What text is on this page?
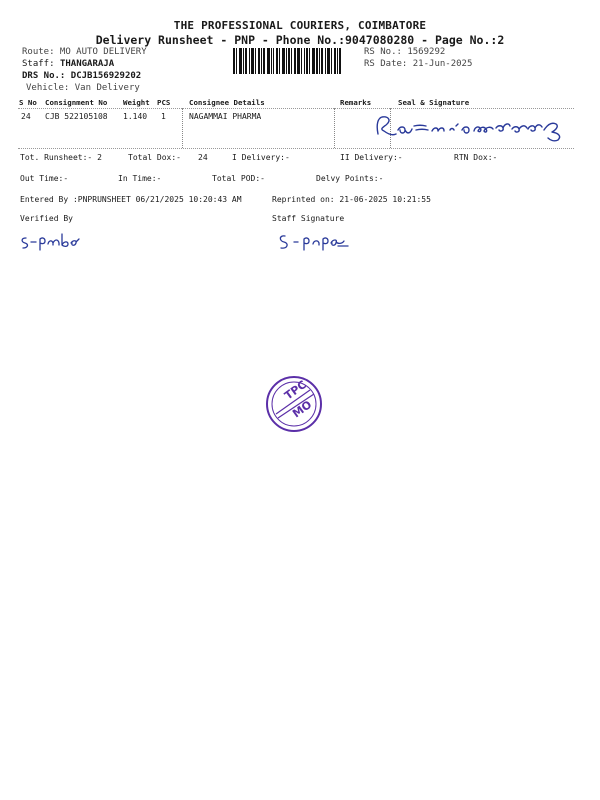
THE PROFESSIONAL COURIERS, COIMBATORE
Delivery Runsheet - PNP - Phone No.:9047080280 - Page No.:2
Route: MO AUTO DELIVERY
Staff: THANGARAJA
DRS No.: DCJB156929202
Vehicle: Van Delivery
RS No.: 1569292
RS Date: 21-Jun-2025
S No Consignment No Weight PCS	Consignee Details	Remarks	Seal & Signature
24 CJB 522105108 1.140 1	NAGAMMAI PHARMA
Tot. Runsheet:- 2	Total Dox:- 24	I Delivery:-	II Delivery:-	RTN Dox:-
Out Time:-	In Time:-	Total POD:-	Delvy Points:-
Entered By :PNPRUNSHEET 06/21/2025 10:20:43 AM	Reprinted on: 21-06-2025 10:21:55
Verified By	Staff Signature
TPC
MO
